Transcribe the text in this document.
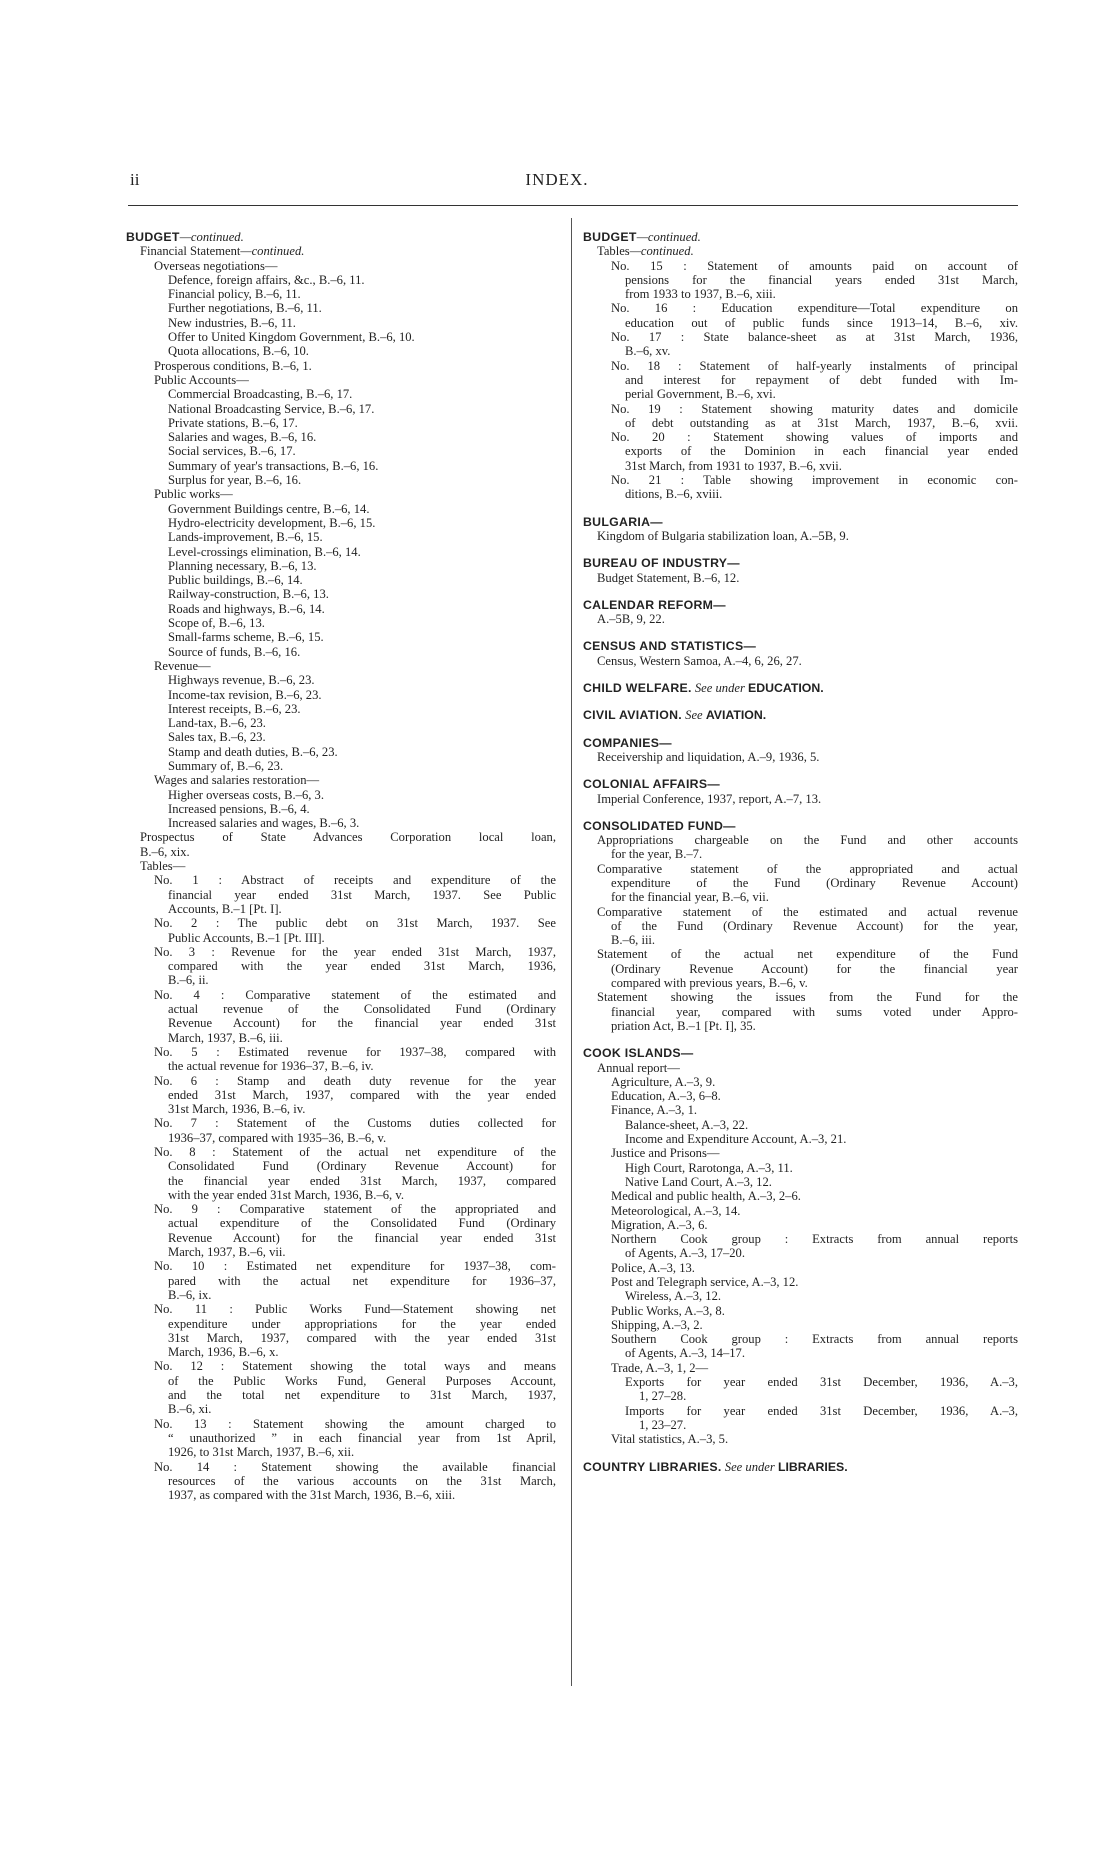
ii	INDEX.
BUDGET—continued.
Financial Statement—continued.
Overseas negotiations—
Defence, foreign affairs, &c., B.–6, 11.
Financial policy, B.–6, 11.
Further negotiations, B.–6, 11.
New industries, B.–6, 11.
Offer to United Kingdom Government, B.–6, 10.
Quota allocations, B.–6, 10.
Prosperous conditions, B.–6, 1.
Public Accounts—
Commercial Broadcasting, B.–6, 17.
National Broadcasting Service, B.–6, 17.
Private stations, B.–6, 17.
Salaries and wages, B.–6, 16.
Social services, B.–6, 17.
Summary of year's transactions, B.–6, 16.
Surplus for year, B.–6, 16.
Public works—
Government Buildings centre, B.–6, 14.
Hydro-electricity development, B.–6, 15.
Lands-improvement, B.–6, 15.
Level-crossings elimination, B.–6, 14.
Planning necessary, B.–6, 13.
Public buildings, B.–6, 14.
Railway-construction, B.–6, 13.
Roads and highways, B.–6, 14.
Scope of, B.–6, 13.
Small-farms scheme, B.–6, 15.
Source of funds, B.–6, 16.
Revenue—
Highways revenue, B.–6, 23.
Income-tax revision, B.–6, 23.
Interest receipts, B.–6, 23.
Land-tax, B.–6, 23.
Sales tax, B.–6, 23.
Stamp and death duties, B.–6, 23.
Summary of, B.–6, 23.
Wages and salaries restoration—
Higher overseas costs, B.–6, 3.
Increased pensions, B.–6, 4.
Increased salaries and wages, B.–6, 3.
Prospectus of State Advances Corporation local loan,
B.–6, xix.
Tables—
No. 1 : Abstract of receipts and expenditure of the
financial year ended 31st March, 1937. See Public
Accounts, B.–1 [Pt. I].
No. 2 : The public debt on 31st March, 1937. See
Public Accounts, B.–1 [Pt. III].
No. 3 : Revenue for the year ended 31st March, 1937,
compared with the year ended 31st March, 1936,
B.–6, ii.
No. 4 : Comparative statement of the estimated and
actual revenue of the Consolidated Fund (Ordinary
Revenue Account) for the financial year ended 31st
March, 1937, B.–6, iii.
No. 5 : Estimated revenue for 1937–38, compared with
the actual revenue for 1936–37, B.–6, iv.
No. 6 : Stamp and death duty revenue for the year
ended 31st March, 1937, compared with the year ended
31st March, 1936, B.–6, iv.
No. 7 : Statement of the Customs duties collected for
1936–37, compared with 1935–36, B.–6, v.
No. 8 : Statement of the actual net expenditure of the
Consolidated Fund (Ordinary Revenue Account) for
the financial year ended 31st March, 1937, compared
with the year ended 31st March, 1936, B.–6, v.
No. 9 : Comparative statement of the appropriated and
actual expenditure of the Consolidated Fund (Ordinary
Revenue Account) for the financial year ended 31st
March, 1937, B.–6, vii.
No. 10 : Estimated net expenditure for 1937–38, com-
pared with the actual net expenditure for 1936–37,
B.–6, ix.
No. 11 : Public Works Fund—Statement showing net
expenditure under appropriations for the year ended
31st March, 1937, compared with the year ended 31st
March, 1936, B.–6, x.
No. 12 : Statement showing the total ways and means
of the Public Works Fund, General Purposes Account,
and the total net expenditure to 31st March, 1937,
B.–6, xi.
No. 13 : Statement showing the amount charged to
“ unauthorized ” in each financial year from 1st April,
1926, to 31st March, 1937, B.–6, xii.
No. 14 : Statement showing the available financial
resources of the various accounts on the 31st March,
1937, as compared with the 31st March, 1936, B.–6, xiii.
BUDGET—continued.
Tables—continued.
No. 15 : Statement of amounts paid on account of
pensions for the financial years ended 31st March,
from 1933 to 1937, B.–6, xiii.
No. 16 : Education expenditure—Total expenditure on
education out of public funds since 1913–14, B.–6, xiv.
No. 17 : State balance-sheet as at 31st March, 1936,
B.–6, xv.
No. 18 : Statement of half-yearly instalments of principal
and interest for repayment of debt funded with Im-
perial Government, B.–6, xvi.
No. 19 : Statement showing maturity dates and domicile
of debt outstanding as at 31st March, 1937, B.–6, xvii.
No. 20 : Statement showing values of imports and
exports of the Dominion in each financial year ended
31st March, from 1931 to 1937, B.–6, xvii.
No. 21 : Table showing improvement in economic con-
ditions, B.–6, xviii.
BULGARIA—
Kingdom of Bulgaria stabilization loan, A.–5B, 9.
BUREAU OF INDUSTRY—
Budget Statement, B.–6, 12.
CALENDAR REFORM—
A.–5B, 9, 22.
CENSUS AND STATISTICS—
Census, Western Samoa, A.–4, 6, 26, 27.
CHILD WELFARE. See under EDUCATION.
CIVIL AVIATION. See AVIATION.
COMPANIES—
Receivership and liquidation, A.–9, 1936, 5.
COLONIAL AFFAIRS—
Imperial Conference, 1937, report, A.–7, 13.
CONSOLIDATED FUND—
Appropriations chargeable on the Fund and other accounts
for the year, B.–7.
Comparative statement of the appropriated and actual
expenditure of the Fund (Ordinary Revenue Account)
for the financial year, B.–6, vii.
Comparative statement of the estimated and actual revenue
of the Fund (Ordinary Revenue Account) for the year,
B.–6, iii.
Statement of the actual net expenditure of the Fund
(Ordinary Revenue Account) for the financial year
compared with previous years, B.–6, v.
Statement showing the issues from the Fund for the
financial year, compared with sums voted under Appro-
priation Act, B.–1 [Pt. I], 35.
COOK ISLANDS—
Annual report—
Agriculture, A.–3, 9.
Education, A.–3, 6–8.
Finance, A.–3, 1.
Balance-sheet, A.–3, 22.
Income and Expenditure Account, A.–3, 21.
Justice and Prisons—
High Court, Rarotonga, A.–3, 11.
Native Land Court, A.–3, 12.
Medical and public health, A.–3, 2–6.
Meteorological, A.–3, 14.
Migration, A.–3, 6.
Northern Cook group : Extracts from annual reports
of Agents, A.–3, 17–20.
Police, A.–3, 13.
Post and Telegraph service, A.–3, 12.
Wireless, A.–3, 12.
Public Works, A.–3, 8.
Shipping, A.–3, 2.
Southern Cook group : Extracts from annual reports
of Agents, A.–3, 14–17.
Trade, A.–3, 1, 2—
Exports for year ended 31st December, 1936, A.–3,
1, 27–28.
Imports for year ended 31st December, 1936, A.–3,
1, 23–27.
Vital statistics, A.–3, 5.
COUNTRY LIBRARIES. See under LIBRARIES.
